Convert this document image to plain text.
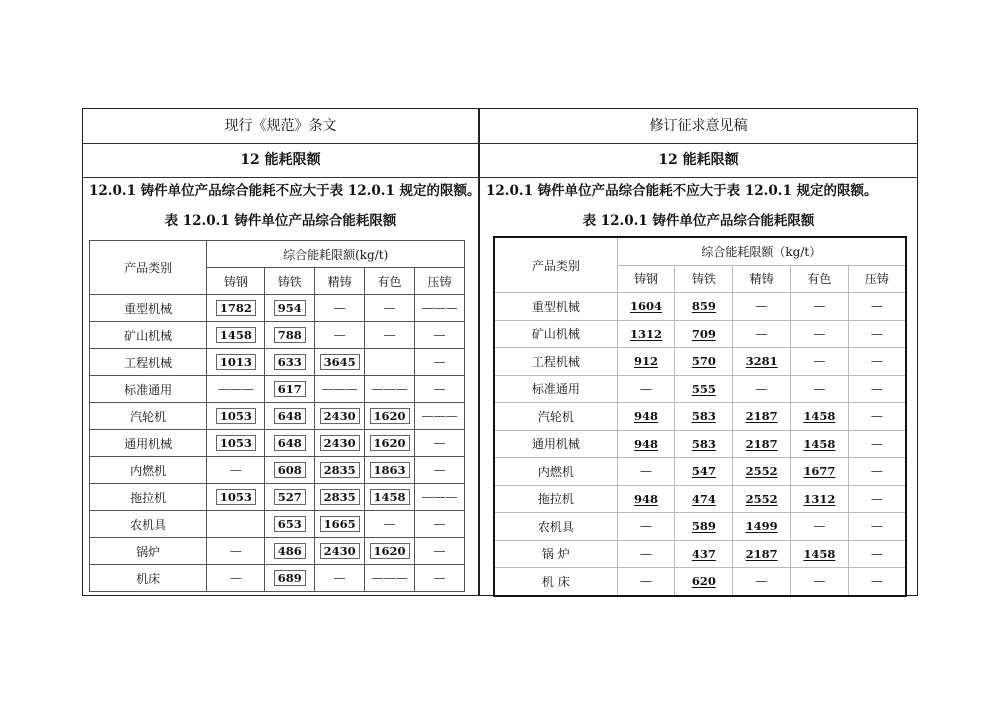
现行《规范》条文	修订征求意见稿
12 能耗限额	12 能耗限额
12.0.1 铸件单位产品综合能耗不应大于表 12.0.1 规定的限额。 12.0.1 铸件单位产品综合能耗不应大于表 12.0.1 规定的限额。
表 12.0.1 铸件单位产品综合能耗限额	表 12.0.1 铸件单位产品综合能耗限额
产品类别	综合能耗限额(kg/t)				
	铸钢	铸铁	精铸	有色	压铸
重型机械	1782	954	—	—	———
矿山机械	1458	788	—	—	—
工程机械	1013	633	3645		—
标准通用	———	617	———	———	—
汽轮机	1053	648	2430	1620	———
通用机械	1053	648	2430	1620	—
内燃机	—	608	2835	1863	—
拖拉机	1053	527	2835	1458	———
农机具		653	1665	—	—
锅炉	—	486	2430	1620	—
机床	—	689	—	———	—
产品类别	综合能耗限额（kg/t）				
	铸钢	铸铁	精铸	有色	压铸
重型机械	1604	859	—	—	—
矿山机械	1312	709	—	—	—
工程机械	912	570	3281	—	—
标准通用	—	555	—	—	—
汽轮机	948	583	2187	1458	—
通用机械	948	583	2187	1458	—
内燃机	—	547	2552	1677	—
拖拉机	948	474	2552	1312	—
农机具	—	589	1499	—	—
锅 炉	—	437	2187	1458	—
机 床	—	620	—	—	—
